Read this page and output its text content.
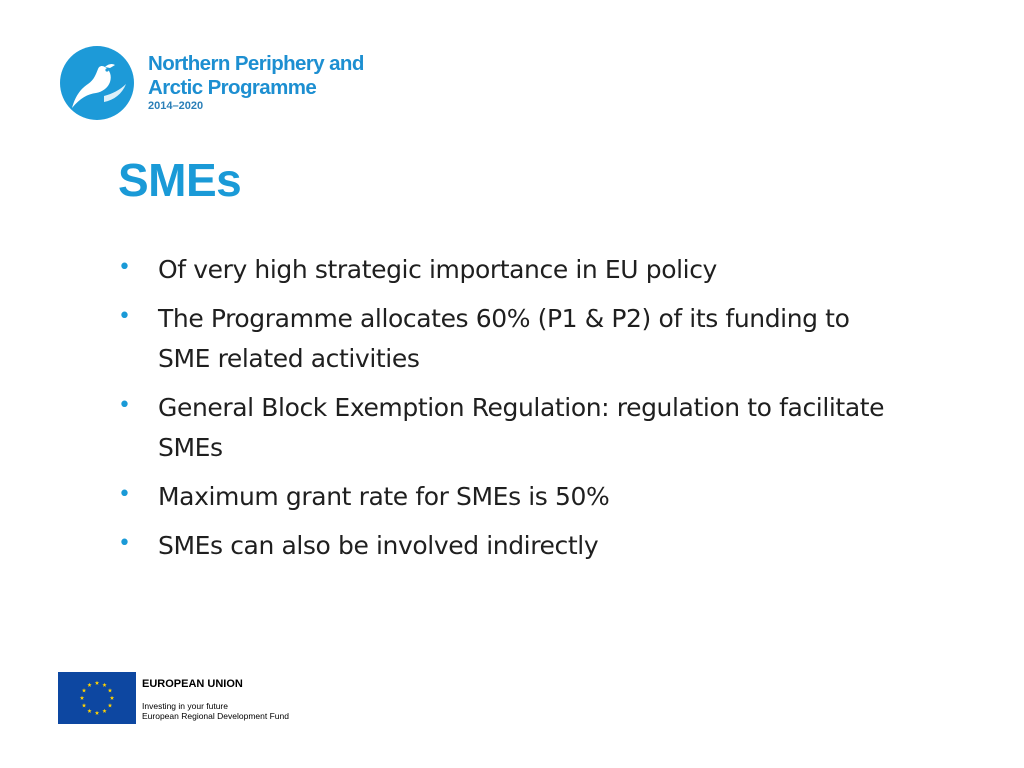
Northern Periphery and
Arctic Programme
2014–2020
SMEs
• Of very high strategic importance in EU policy
• The Programme allocates 60% (P1 & P2) of its funding to SME related activities
• General Block Exemption Regulation: regulation to facilitate SMEs
• Maximum grant rate for SMEs is 50%
• SMEs can also be involved indirectly
EUROPEAN UNION
Investing in your future
European Regional Development Fund
